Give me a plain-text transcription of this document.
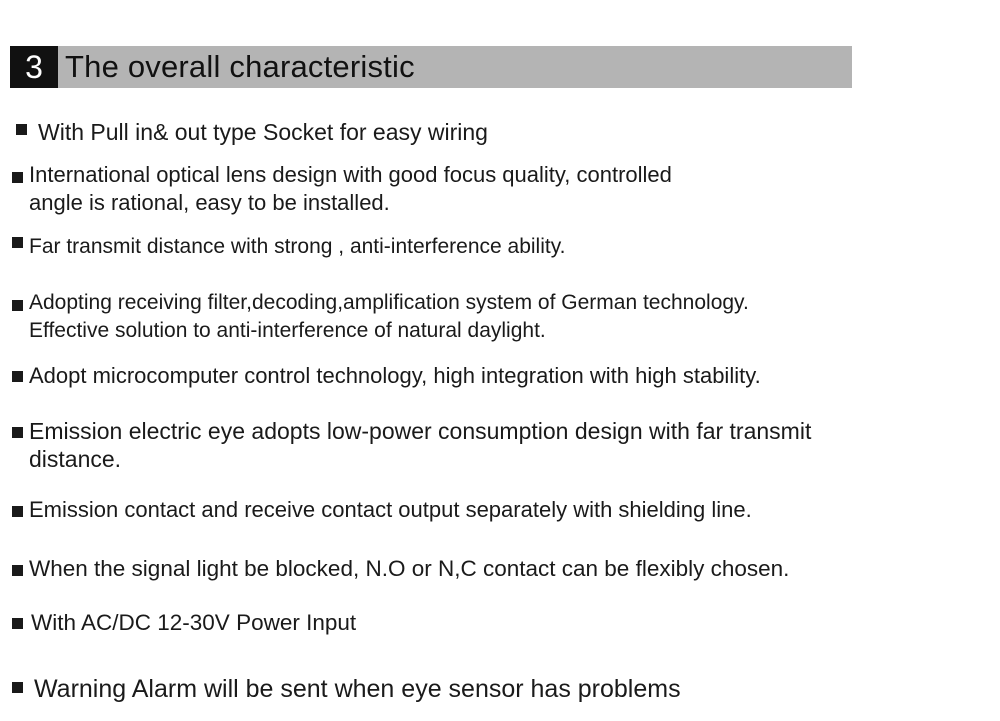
3 The overall characteristic
With Pull in& out type Socket for easy wiring
International optical lens design with good focus quality, controlled
angle is rational, easy to be installed.
Far transmit distance with strong , anti-interference ability.
Adopting receiving filter,decoding,amplification system of German technology.
Effective solution to anti-interference of natural daylight.
Adopt microcomputer control technology, high integration with high stability.
Emission electric eye adopts low-power consumption design with far transmit
distance.
Emission contact and receive contact output separately with shielding line.
When the signal light be blocked, N.O or N,C contact can be flexibly chosen.
With AC/DC 12-30V Power Input
Warning Alarm will be sent when eye sensor has problems
